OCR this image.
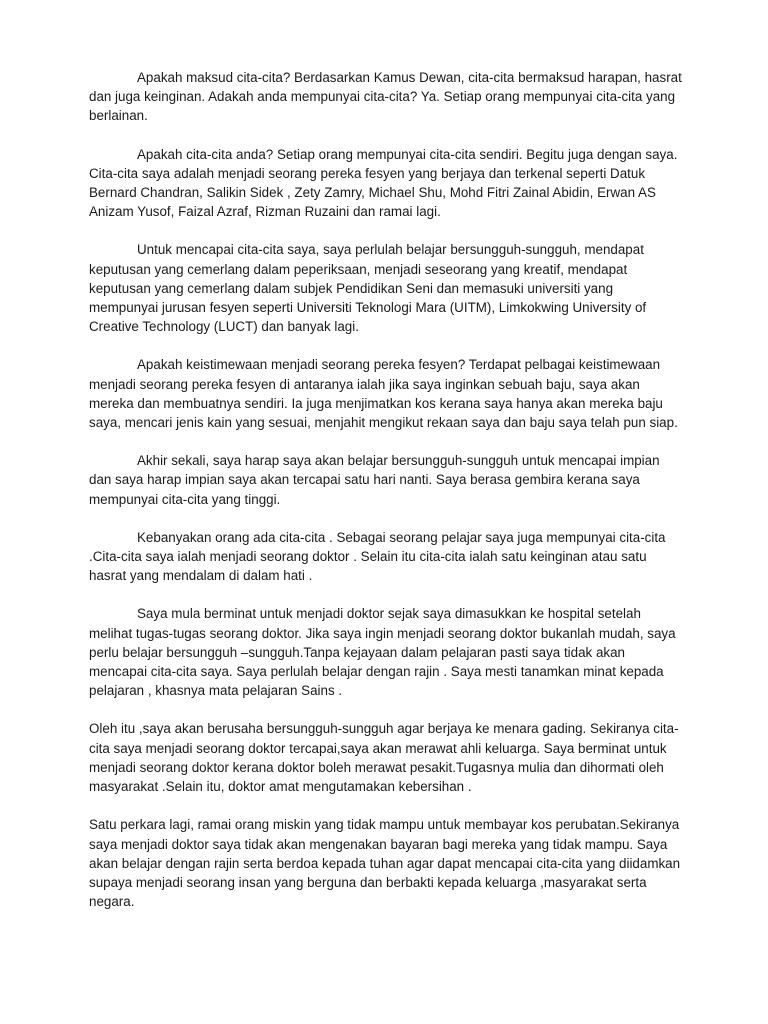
Apakah maksud cita-cita? Berdasarkan Kamus Dewan, cita-cita bermaksud harapan, hasrat dan juga keinginan. Adakah anda mempunyai cita-cita? Ya. Setiap orang mempunyai cita-cita yang berlainan.

Apakah cita-cita anda? Setiap orang mempunyai cita-cita sendiri. Begitu juga dengan saya. Cita-cita saya adalah menjadi seorang pereka fesyen yang berjaya dan terkenal seperti Datuk Bernard Chandran, Salikin Sidek , Zety Zamry, Michael Shu, Mohd Fitri Zainal Abidin, Erwan AS Anizam Yusof, Faizal Azraf, Rizman Ruzaini dan ramai lagi.

Untuk mencapai cita-cita saya, saya perlulah belajar bersungguh-sungguh, mendapat keputusan yang cemerlang dalam peperiksaan, menjadi seseorang yang kreatif, mendapat keputusan yang cemerlang dalam subjek Pendidikan Seni dan memasuki universiti yang mempunyai jurusan fesyen seperti Universiti Teknologi Mara (UITM), Limkokwing University of Creative Technology (LUCT) dan banyak lagi.

Apakah keistimewaan menjadi seorang pereka fesyen? Terdapat pelbagai keistimewaan menjadi seorang pereka fesyen di antaranya ialah jika saya inginkan sebuah baju, saya akan mereka dan membuatnya sendiri. Ia juga menjimatkan kos kerana saya hanya akan mereka baju saya, mencari jenis kain yang sesuai, menjahit mengikut rekaan saya dan baju saya telah pun siap.

Akhir sekali, saya harap saya akan belajar bersungguh-sungguh untuk mencapai impian dan saya harap impian saya akan tercapai satu hari nanti. Saya berasa gembira kerana saya mempunyai cita-cita yang tinggi.

Kebanyakan orang ada cita-cita . Sebagai seorang pelajar saya juga mempunyai cita-cita .Cita-cita saya ialah menjadi seorang doktor . Selain itu cita-cita ialah satu keinginan atau satu hasrat yang mendalam di dalam hati .

Saya mula berminat untuk menjadi doktor sejak saya dimasukkan ke hospital setelah melihat tugas-tugas seorang doktor. Jika saya ingin menjadi seorang doktor bukanlah mudah, saya perlu belajar bersungguh –sungguh.Tanpa kejayaan dalam pelajaran pasti saya tidak akan mencapai cita-cita saya. Saya perlulah belajar dengan rajin . Saya mesti tanamkan minat kepada pelajaran , khasnya mata pelajaran Sains .

Oleh itu ,saya akan berusaha bersungguh-sungguh agar berjaya ke menara gading. Sekiranya cita-cita saya menjadi seorang doktor tercapai,saya akan merawat ahli keluarga. Saya berminat untuk menjadi seorang doktor kerana doktor boleh merawat pesakit.Tugasnya mulia dan dihormati oleh masyarakat .Selain itu, doktor amat mengutamakan kebersihan .

Satu perkara lagi, ramai orang miskin yang tidak mampu untuk membayar kos perubatan.Sekiranya saya menjadi doktor saya tidak akan mengenakan bayaran bagi mereka yang tidak mampu. Saya akan belajar dengan rajin serta berdoa kepada tuhan agar dapat mencapai cita-cita yang diidamkan supaya menjadi seorang insan yang berguna dan berbakti kepada keluarga ,masyarakat serta negara.
